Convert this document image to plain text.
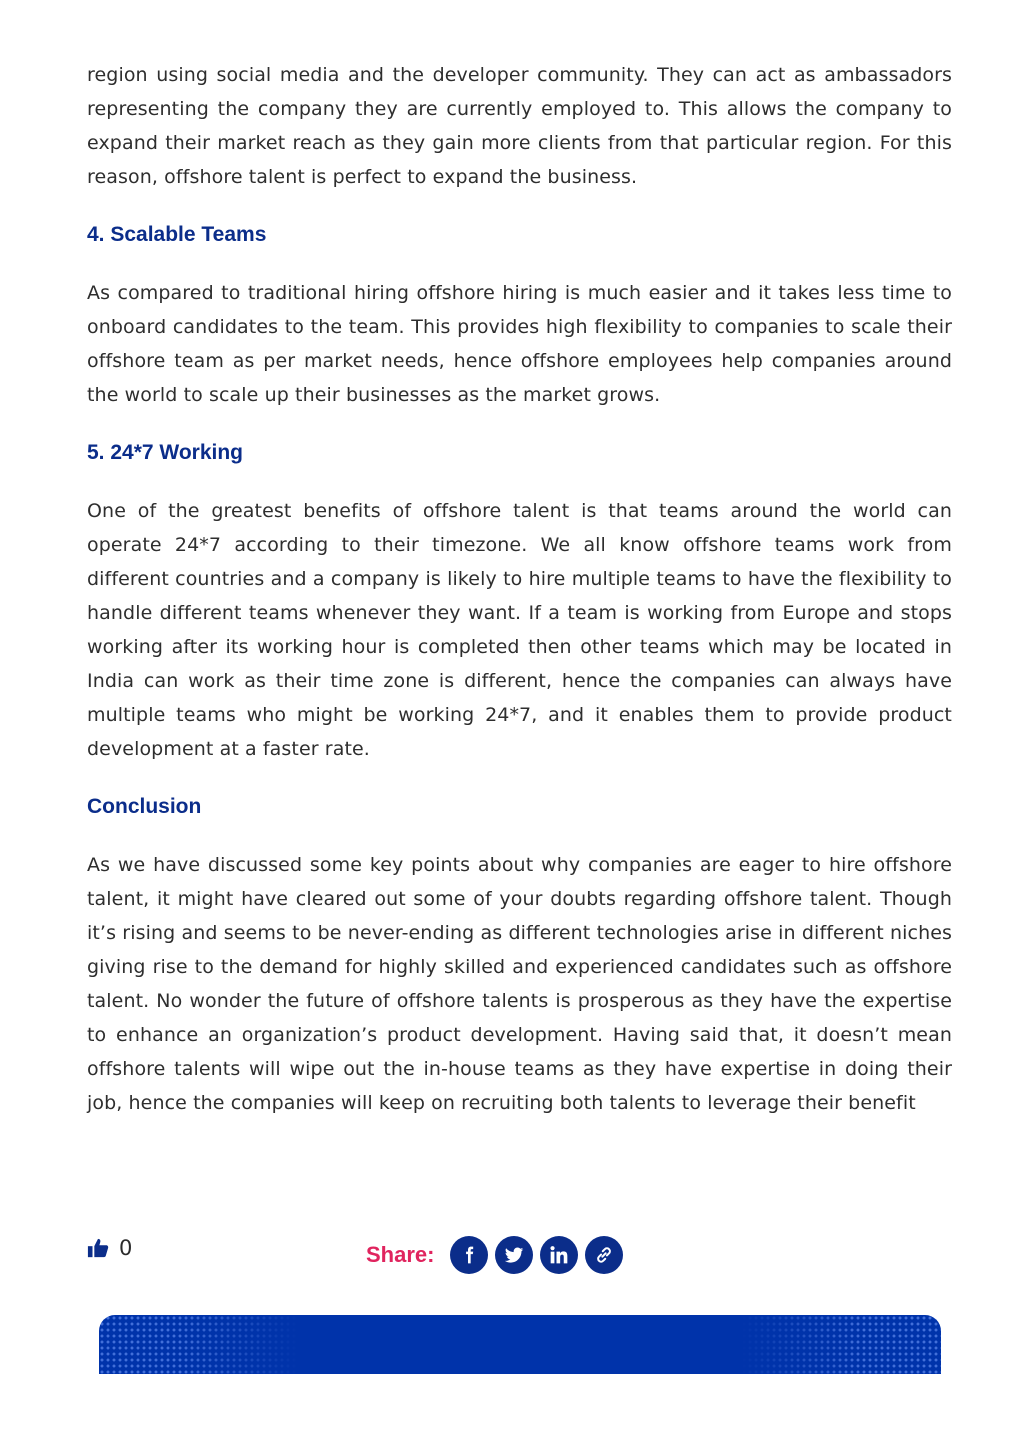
region using social media and the developer community. They can act as ambassadors representing the company they are currently employed to. This allows the company to expand their market reach as they gain more clients from that particular region. For this reason, offshore talent is perfect to expand the business.

4. Scalable Teams

As compared to traditional hiring offshore hiring is much easier and it takes less time to onboard candidates to the team. This provides high flexibility to companies to scale their offshore team as per market needs, hence offshore employees help companies around the world to scale up their businesses as the market grows.

5. 24*7 Working

One of the greatest benefits of offshore talent is that teams around the world can operate 24*7 according to their timezone. We all know offshore teams work from different countries and a company is likely to hire multiple teams to have the flexibility to handle different teams whenever they want. If a team is working from Europe and stops working after its working hour is completed then other teams which may be located in India can work as their time zone is different, hence the companies can always have multiple teams who might be working 24*7, and it enables them to provide product development at a faster rate.

Conclusion

As we have discussed some key points about why companies are eager to hire offshore talent, it might have cleared out some of your doubts regarding offshore talent. Though it’s rising and seems to be never-ending as different technologies arise in different niches giving rise to the demand for highly skilled and experienced candidates such as offshore talent. No wonder the future of offshore talents is prosperous as they have the expertise to enhance an organization’s product development. Having said that, it doesn’t mean offshore talents will wipe out the in-house teams as they have expertise in doing their job, hence the companies will keep on recruiting both talents to leverage their benefit

0	Share:
